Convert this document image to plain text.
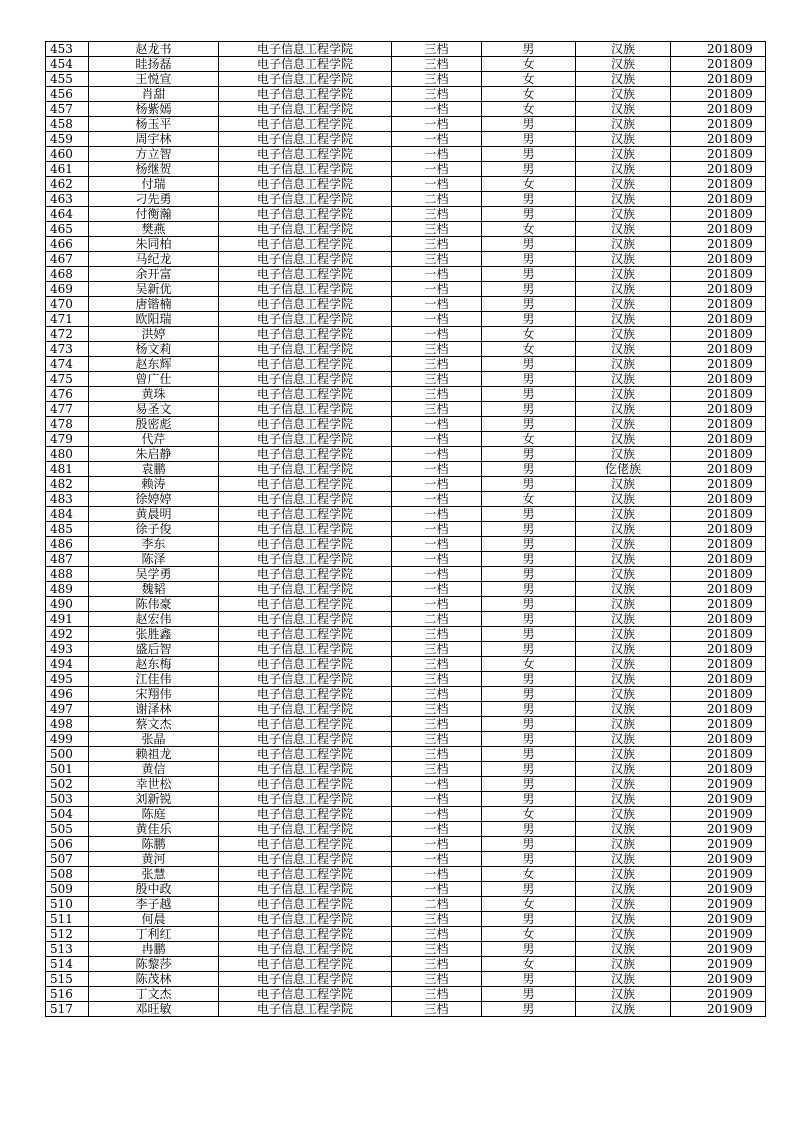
453	赵龙书	电子信息工程学院	三档	男	汉族	201809
454	眭扬磊	电子信息工程学院	三档	女	汉族	201809
455	王悦宣	电子信息工程学院	三档	女	汉族	201809
456	肖甜	电子信息工程学院	三档	女	汉族	201809
457	杨紫嫣	电子信息工程学院	一档	女	汉族	201809
458	杨玉平	电子信息工程学院	一档	男	汉族	201809
459	周宇林	电子信息工程学院	一档	男	汉族	201809
460	方立智	电子信息工程学院	一档	男	汉族	201809
461	杨继贺	电子信息工程学院	一档	男	汉族	201809
462	付瑞	电子信息工程学院	一档	女	汉族	201809
463	刁先勇	电子信息工程学院	二档	男	汉族	201809
464	付衡瀚	电子信息工程学院	三档	男	汉族	201809
465	樊燕	电子信息工程学院	三档	女	汉族	201809
466	朱同柏	电子信息工程学院	三档	男	汉族	201809
467	马纪龙	电子信息工程学院	三档	男	汉族	201809
468	余开富	电子信息工程学院	一档	男	汉族	201809
469	吴新优	电子信息工程学院	一档	男	汉族	201809
470	唐锴楠	电子信息工程学院	一档	男	汉族	201809
471	欧阳瑞	电子信息工程学院	一档	男	汉族	201809
472	洪婷	电子信息工程学院	一档	女	汉族	201809
473	杨文莉	电子信息工程学院	三档	女	汉族	201809
474	赵东辉	电子信息工程学院	三档	男	汉族	201809
475	曾广仕	电子信息工程学院	三档	男	汉族	201809
476	黄珠	电子信息工程学院	三档	男	汉族	201809
477	易圣文	电子信息工程学院	三档	男	汉族	201809
478	殷密彪	电子信息工程学院	一档	男	汉族	201809
479	代芹	电子信息工程学院	一档	女	汉族	201809
480	朱启静	电子信息工程学院	一档	男	汉族	201809
481	袁鹏	电子信息工程学院	一档	男	仡佬族	201809
482	赖涛	电子信息工程学院	一档	男	汉族	201809
483	徐婷婷	电子信息工程学院	一档	女	汉族	201809
484	黄晨明	电子信息工程学院	一档	男	汉族	201809
485	徐子俊	电子信息工程学院	一档	男	汉族	201809
486	李东	电子信息工程学院	一档	男	汉族	201809
487	陈泽	电子信息工程学院	一档	男	汉族	201809
488	吴学勇	电子信息工程学院	一档	男	汉族	201809
489	魏韬	电子信息工程学院	一档	男	汉族	201809
490	陈伟豪	电子信息工程学院	一档	男	汉族	201809
491	赵宏伟	电子信息工程学院	二档	男	汉族	201809
492	张胜鑫	电子信息工程学院	三档	男	汉族	201809
493	盛后智	电子信息工程学院	三档	男	汉族	201809
494	赵东梅	电子信息工程学院	三档	女	汉族	201809
495	江佳伟	电子信息工程学院	三档	男	汉族	201809
496	宋翔伟	电子信息工程学院	三档	男	汉族	201809
497	谢泽林	电子信息工程学院	三档	男	汉族	201809
498	蔡文杰	电子信息工程学院	三档	男	汉族	201809
499	张晶	电子信息工程学院	三档	男	汉族	201809
500	赖祖龙	电子信息工程学院	三档	男	汉族	201809
501	黄信	电子信息工程学院	三档	男	汉族	201809
502	幸世松	电子信息工程学院	一档	男	汉族	201909
503	刘新锐	电子信息工程学院	一档	男	汉族	201909
504	陈庭	电子信息工程学院	一档	女	汉族	201909
505	黄佳乐	电子信息工程学院	一档	男	汉族	201909
506	陈鹏	电子信息工程学院	一档	男	汉族	201909
507	黄河	电子信息工程学院	一档	男	汉族	201909
508	张慧	电子信息工程学院	一档	女	汉族	201909
509	殷中政	电子信息工程学院	一档	男	汉族	201909
510	李子越	电子信息工程学院	二档	女	汉族	201909
511	何晨	电子信息工程学院	三档	男	汉族	201909
512	丁利红	电子信息工程学院	三档	女	汉族	201909
513	冉鹏	电子信息工程学院	三档	男	汉族	201909
514	陈黎莎	电子信息工程学院	三档	女	汉族	201909
515	陈茂林	电子信息工程学院	三档	男	汉族	201909
516	丁文杰	电子信息工程学院	三档	男	汉族	201909
517	邓旺敏	电子信息工程学院	三档	男	汉族	201909
